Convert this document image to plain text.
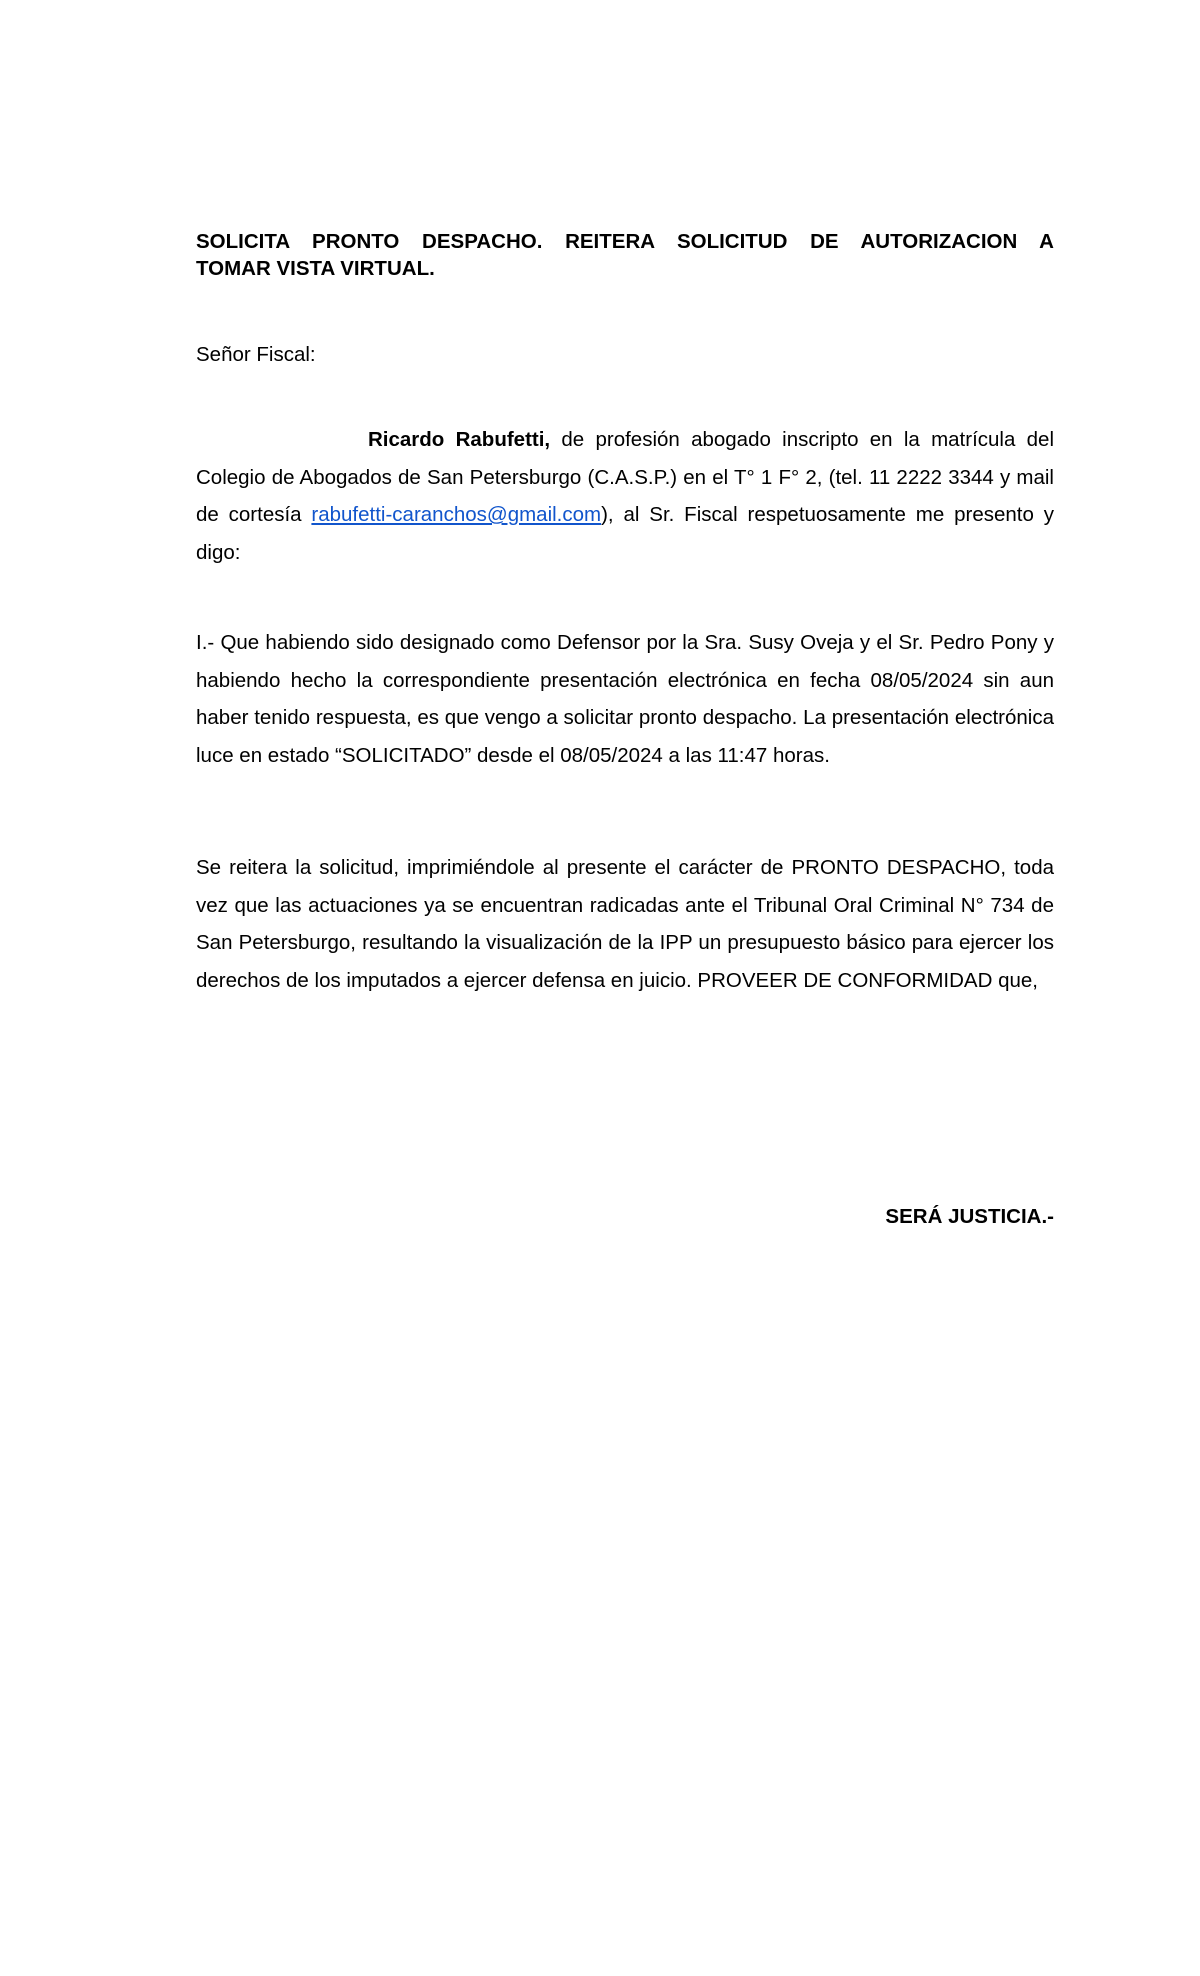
SOLICITA PRONTO DESPACHO. REITERA SOLICITUD DE AUTORIZACION A
TOMAR VISTA VIRTUAL.

Señor Fiscal:

Ricardo Rabufetti, de profesión abogado inscripto en la matrícula del Colegio de Abogados de San Petersburgo (C.A.S.P.) en el T° 1 F° 2, (tel. 11 2222 3344 y mail de cortesía rabufetti-caranchos@gmail.com), al Sr. Fiscal respetuosamente me presento y digo:

I.- Que habiendo sido designado como Defensor por la Sra. Susy Oveja y el Sr. Pedro Pony y habiendo hecho la correspondiente presentación electrónica en fecha 08/05/2024 sin aun haber tenido respuesta, es que vengo a solicitar pronto despacho. La presentación electrónica luce en estado “SOLICITADO” desde el 08/05/2024 a las 11:47 horas.

Se reitera la solicitud, imprimiéndole al presente el carácter de PRONTO DESPACHO, toda vez que las actuaciones ya se encuentran radicadas ante el Tribunal Oral Criminal N° 734 de San Petersburgo, resultando la visualización de la IPP un presupuesto básico para ejercer los derechos de los imputados a ejercer defensa en juicio. PROVEER DE CONFORMIDAD que,

SERÁ JUSTICIA.-
